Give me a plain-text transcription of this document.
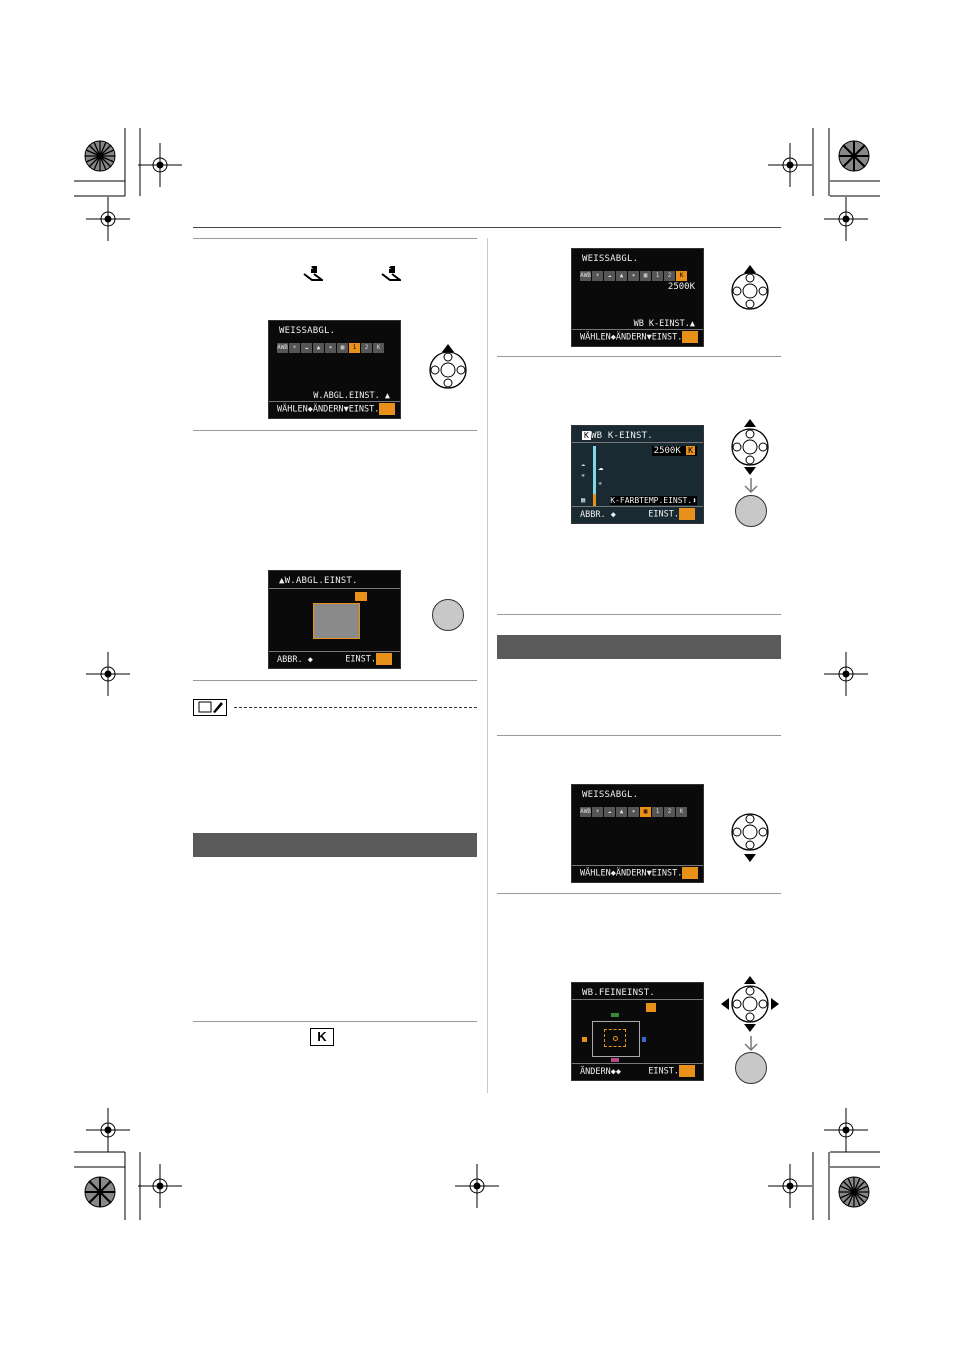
1	2
WEISSABGL.
AWB ☀	☁	▲	✶	▦	1	2	K
W.ABGL.EINST. ▲
WÄHLEN◆ÄNDERN▼EINST.
▲W.ABGL.EINST.
ABBR. ◆	EINST.
K
WEISSABGL.
AWB ☀	☁	▲	✶	▦	1	2	K
2500K
WB K-EINST.▲
WÄHLEN◆ÄNDERN▼EINST.
K WB K-EINST.
☁
☀

▦
☁
☀
2500K K
K-FARBTEMP.EINST.⬍
ABBR. ◆	EINST.
WEISSABGL.
AWB ☀	☁	▲	✶	▦	1	2	K
WÄHLEN◆ÄNDERN▼EINST.
WB.FEINEINST.
ÄNDERN◆◆	EINST.
